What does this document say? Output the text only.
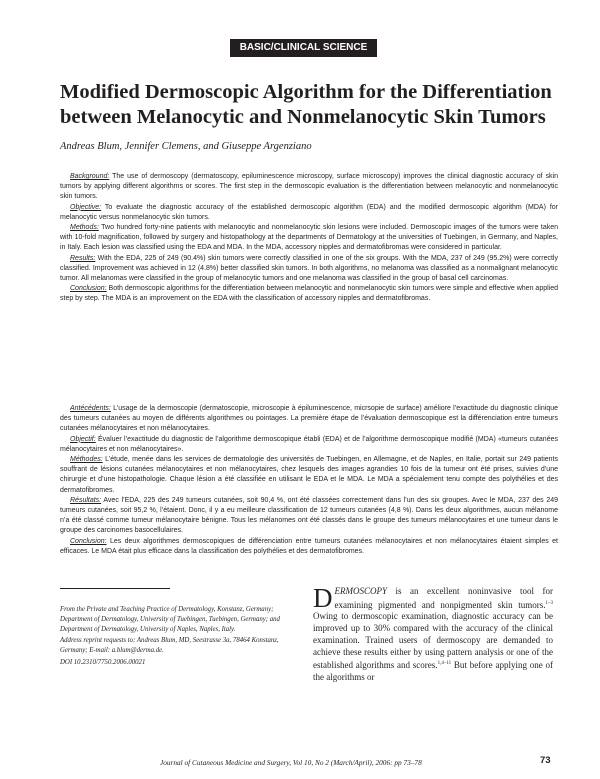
BASIC/CLINICAL SCIENCE
Modified Dermoscopic Algorithm for the Differentiation between Melanocytic and Nonmelanocytic Skin Tumors
Andreas Blum, Jennifer Clemens, and Giuseppe Argenziano

Background: The use of dermoscopy (dermatoscopy, epiluminescence microscopy, surface microscopy) improves the clinical diagnostic accuracy of skin tumors by applying different algorithms or scores. The first step in the dermoscopic evaluation is the differentiation between melanocytic and nonmelanocytic skin tumors.

Objective: To evaluate the diagnostic accuracy of the established dermoscopic algorithm (EDA) and the modified dermoscopic algorithm (MDA) for melanocytic versus nonmelanocytic skin tumors.

Methods: Two hundred forty-nine patients with melanocytic and nonmelanocytic skin lesions were included. Dermoscopic images of the tumors were taken with 10-fold magnification, followed by surgery and histopathology at the departments of Dermatology at the universities of Tuebingen, in Germany, and Naples, in Italy. Each lesion was classified using the EDA and MDA. In the MDA, accessory nipples and dermatofibromas were considered in particular.

Results: With the EDA, 225 of 249 (90.4%) skin tumors were correctly classified in one of the six groups. With the MDA, 237 of 249 (95.2%) were correctly classified. Improvement was achieved in 12 (4.8%) better classified skin tumors. In both algorithms, no melanoma was classified as a nonmalignant melanocytic tumor. All melanomas were classified in the group of melanocytic tumors and one melanoma was classified in the group of basal cell carcinomas.

Conclusion: Both dermoscopic algorithms for the differentiation between melanocytic and nonmelanocytic skin tumors were simple and effective when applied step by step. The MDA is an improvement on the EDA with the classification of accessory nipples and dermatofibromas.

Antécédents: L’usage de la dermoscopie (dermatoscopie, microscopie à épiluminescence, micrsopie de surface) améliore l’exactitude du diagnostic clinique des tumeurs cutanées au moyen de différents algorithmes ou pointages. La première étape de l’évaluation dermoscopique est la différenciation entre tumeurs cutanées mélanocytaires et non mélanocytaires.

Objectif: Évaluer l’exactitude du diagnostic de l’algorithme dermoscopique établi (EDA) et de l’algorithme dermoscopique modifié (MDA) «tumeurs cutanées mélanocytaires et non mélanocytaires».

Méthodes: L’étude, menée dans les services de dermatologie des universités de Tuebingen, en Allemagne, et de Naples, en Italie, portait sur 249 patients souffrant de lésions cutanées mélanocytaires et non mélanocytaires, chez lesquels des images agrandies 10 fois de la tumeur ont été prises, suivies d’une chirurgie et d’une histopathologie. Chaque lésion a été classifiée en utilisant le EDA et le MDA. Le MDA a spécialement tenu compte des polythélies et des dermatofibromes.

Résultats: Avec l’EDA, 225 des 249 tumeurs cutanées, soit 90,4 %, ont été classées correctement dans l’un des six groupes. Avec le MDA, 237 des 249 tumeurs cutanées, soit 95,2 %, l’étaient. Donc, il y a eu meilleure classification de 12 tumeurs cutanées (4,8 %). Dans les deux algorithmes, aucun mélanome n’a été classé comme tumeur mélanocytaire bénigne. Tous les mélanomes ont été classés dans le groupe des tumeurs mélanocytaires et une tumeur dans le groupe des carcinomes basocellulaires.

Conclusion: Les deux algorithmes dermoscopiques de différenciation entre tumeurs cutanées mélanocytaires et non mélanocytaires étaient simples et efficaces. Le MDA était plus efficace dans la classification des polythélies et des dermatofibromes.

From the Private and Teaching Practice of Dermatology, Konstanz, Germany; Department of Dermatology, University of Tuebingen, Tuebingen, Germany; and Department of Dermatology, University of Naples, Naples, Italy.

Address reprint requests to: Andreas Blum, MD, Seestrasse 3a, 78464 Konstanz, Germany; E-mail: a.blum@derma.de.

DOI 10.2310/7750.2006.00021

DERMOSCOPY is an excellent noninvasive tool for examining pigmented and nonpigmented skin tumors.$^{1-3}$ Owing to dermoscopic examination, diagnostic accuracy can be improved up to 30% compared with the accuracy of the clinical examination. Trained users of dermoscopy are demanded to achieve these results either by using pattern analysis or one of the established algorithms and scores.$^{1,4-11}$ But before applying one of the algorithms or
Journal of Cutaneous Medicine and Surgery, Vol 10, No 2 (March/April), 2006: pp 73–78	73
